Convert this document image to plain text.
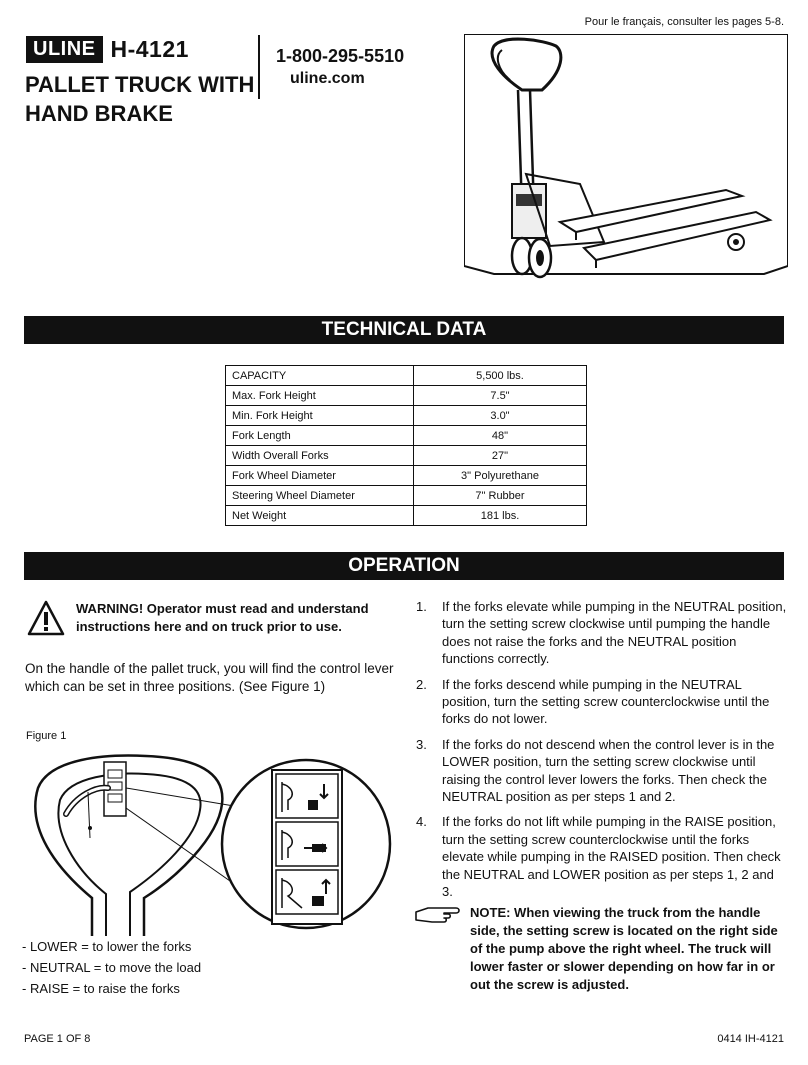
Pour le français, consulter les pages 5-8.
ULINE H-4121
PALLET TRUCK WITH HAND BRAKE
1-800-295-5510
uline.com
TECHNICAL DATA
CAPACITY	5,500 lbs.
Max. Fork Height	7.5"
Min. Fork Height	3.0"
Fork Length	48"
Width Overall Forks	27"
Fork Wheel Diameter	3" Polyurethane
Steering Wheel Diameter	7" Rubber
Net Weight	181 lbs.
OPERATION
WARNING! Operator must read and understand instructions here and on truck prior to use.
On the handle of the pallet truck, you will find the control lever which can be set in three positions. (See Figure 1)
Figure 1
- LOWER = to lower the forks
- NEUTRAL = to move the load
- RAISE = to raise the forks
1.	If the forks elevate while pumping in the NEUTRAL position, turn the setting screw clockwise until pumping the handle does not raise the forks and the NEUTRAL position functions correctly.
2.	If the forks descend while pumping in the NEUTRAL position, turn the setting screw counterclockwise until the forks do not lower.
3.	If the forks do not descend when the control lever is in the LOWER position, turn the setting screw clockwise until raising the control lever lowers the forks. Then check the NEUTRAL position as per steps 1 and 2.
4.	If the forks do not lift while pumping in the RAISE position, turn the setting screw counterclockwise until the forks elevate while pumping in the RAISED position. Then check the NEUTRAL and LOWER position as per steps 1, 2 and 3.
NOTE: When viewing the truck from the handle side, the setting screw is located on the right side of the pump above the right wheel. The truck will lower faster or slower depending on how far in or out the screw is adjusted.
PAGE 1 OF 8	0414 IH-4121
